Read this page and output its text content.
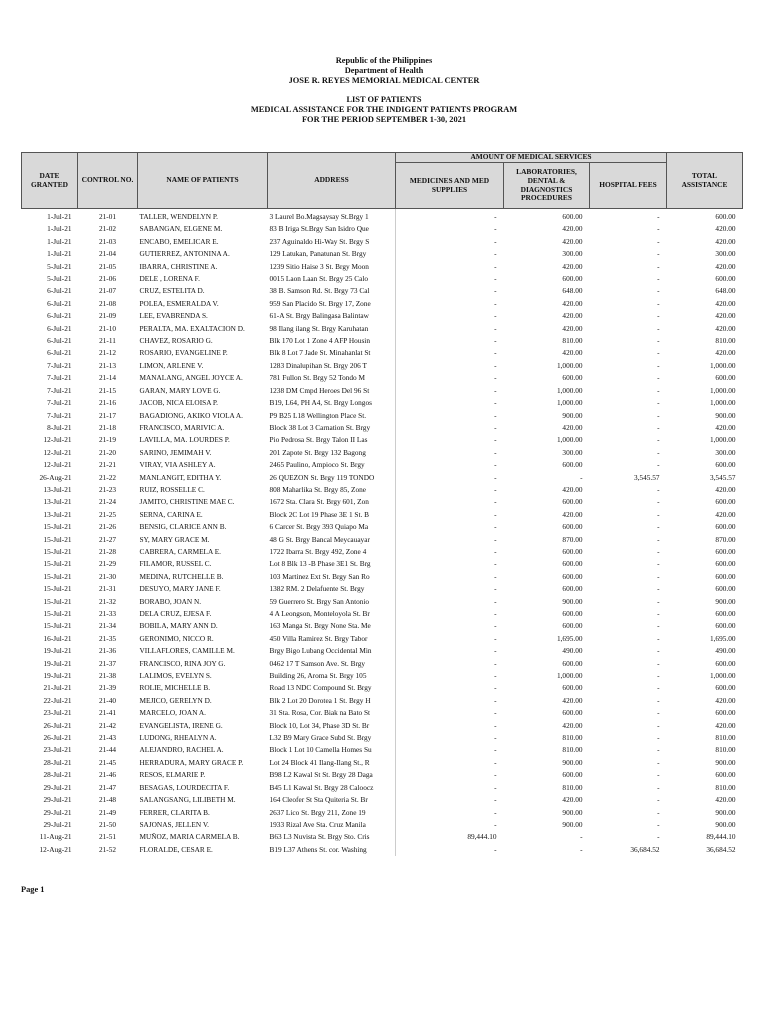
Republic of the Philippines
Department of Health
JOSE R. REYES MEMORIAL MEDICAL CENTER
LIST OF PATIENTS
MEDICAL ASSISTANCE FOR THE INDIGENT PATIENTS PROGRAM
FOR THE PERIOD SEPTEMBER 1-30, 2021
DATE GRANTED	CONTROL NO.	NAME OF PATIENTS	ADDRESS	AMOUNT OF MEDICAL SERVICES			TOTAL ASSISTANCE
				MEDICINES AND MED SUPPLIES	LABORATORIES, DENTAL & DIAGNOSTICS PROCEDURES	HOSPITAL FEES	
1-Jul-21	21-01	TALLER, WENDELYN P.	3 Laurel Bo.Magsaysay St.Brgy 1	-	600.00	-	600.00
1-Jul-21	21-02	SABANGAN, ELGENE M.	83 B Iriga St.Brgy San Isidro Que	-	420.00	-	420.00
1-Jul-21	21-03	ENCABO, EMELICAR E.	237 Aguinaldo Hi-Way St. Brgy S	-	420.00	-	420.00
1-Jul-21	21-04	GUTIERREZ, ANTONINA A.	129 Latukan, Panatunan St. Brgy	-	300.00	-	300.00
5-Jul-21	21-05	IBARRA, CHRISTINE A.	1239 Sitio Haise 3 St. Brgy Moon	-	420.00	-	420.00
5-Jul-21	21-06	DELE , LORENA F.	0015 Laon Laan St. Brgy 25 Calo	-	600.00	-	600.00
6-Jul-21	21-07	CRUZ, ESTELITA D.	38 B. Samson Rd. St. Brgy 73 Cal	-	648.00	-	648.00
6-Jul-21	21-08	POLEA, ESMERALDA V.	959 San Placido St. Brgy 17, Zone	-	420.00	-	420.00
6-Jul-21	21-09	LEE, EVABRENDA S.	61-A St. Brgy Balingasa Balintaw	-	420.00	-	420.00
6-Jul-21	21-10	PERALTA, MA. EXALTACION D.	98 Ilang ilang St. Brgy Karuhatan	-	420.00	-	420.00
6-Jul-21	21-11	CHAVEZ, ROSARIO G.	Blk 170 Lot 1 Zone 4 AFP Housin	-	810.00	-	810.00
6-Jul-21	21-12	ROSARIO, EVANGELINE P.	Blk 8 Lot 7 Jade St. Minahanlat St	-	420.00	-	420.00
7-Jul-21	21-13	LIMON, ARLENE V.	1283 Dinalupihan St. Brgy 206 T	-	1,000.00	-	1,000.00
7-Jul-21	21-14	MANALANG, ANGEL JOYCE A.	781 Fullon St. Brgy 52 Tondo M	-	600.00	-	600.00
7-Jul-21	21-15	GARAN, MARY LOVE G.	1238 DM Cmpd Heroes Del 96 St	-	1,000.00	-	1,000.00
7-Jul-21	21-16	JACOB, NICA ELOISA P.	B19, L64, PH A4, St. Brgy Longos	-	1,000.00	-	1,000.00
7-Jul-21	21-17	BAGADIONG, AKIKO VIOLA A.	P9 B25 L18 Wellington Place St.	-	900.00	-	900.00
8-Jul-21	21-18	FRANCISCO, MARIVIC A.	Block 38 Lot 3 Carnation St. Brgy	-	420.00	-	420.00
12-Jul-21	21-19	LAVILLA, MA. LOURDES P.	Pio Pedrosa St. Brgy Talon II Las	-	1,000.00	-	1,000.00
12-Jul-21	21-20	SARINO, JEMIMAH V.	201 Zapote St. Brgy 132 Bagong	-	300.00	-	300.00
12-Jul-21	21-21	VIRAY, VIA ASHLEY A.	2465 Paulino, Ampioco St. Brgy	-	600.00	-	600.00
26-Aug-21	21-22	MANLANGIT, EDITHA Y.	26 QUEZON St. Brgy 119 TONDO	-	-	3,545.57	3,545.57
13-Jul-21	21-23	RUIZ, ROSSELLE C.	808 Maharlika St. Brgy 85, Zone	-	420.00	-	420.00
13-Jul-21	21-24	JAMITO, CHRISTINE MAE C.	1672 Sta. Clara St. Brgy 601, Zon	-	600.00	-	600.00
13-Jul-21	21-25	SERNA, CARINA E.	Block 2C Lot 19 Phase 3E 1 St. B	-	420.00	-	420.00
15-Jul-21	21-26	BENSIG, CLARICE ANN B.	6 Carcer St. Brgy 393 Quiapo Ma	-	600.00	-	600.00
15-Jul-21	21-27	SY, MARY GRACE M.	48 G St. Brgy Bancal Meycauayar	-	870.00	-	870.00
15-Jul-21	21-28	CABRERA, CARMELA E.	1722 Ibarra St. Brgy 492, Zone 4	-	600.00	-	600.00
15-Jul-21	21-29	FILAMOR, RUSSEL C.	Lot 8 Blk 13 -B Phase 3E1 St. Brg	-	600.00	-	600.00
15-Jul-21	21-30	MEDINA, RUTCHELLE B.	103 Martinez Ext St. Brgy San Ro	-	600.00	-	600.00
15-Jul-21	21-31	DESUYO, MARY JANE F.	1382 RM. 2 Delafuente St. Brgy	-	600.00	-	600.00
15-Jul-21	21-32	BORABO, JOAN N.	59 Guerrero St. Brgy San Antonio	-	900.00	-	900.00
15-Jul-21	21-33	DELA CRUZ, EJESA F.	4 A Leongson, Monteloyola St. Br	-	600.00	-	600.00
15-Jul-21	21-34	BOBILA, MARY ANN D.	163 Manga St. Brgy None Sta. Me	-	600.00	-	600.00
16-Jul-21	21-35	GERONIMO, NICCO R.	450 Villa Ramirez St. Brgy Tabor	-	1,695.00	-	1,695.00
19-Jul-21	21-36	VILLAFLORES, CAMILLE M.	Brgy Bigo Lubang Occidental Min	-	490.00	-	490.00
19-Jul-21	21-37	FRANCISCO, RINA JOY G.	0462 17 T Samson Ave. St. Brgy	-	600.00	-	600.00
19-Jul-21	21-38	LALIMOS, EVELYN S.	Building 26, Aroma St. Brgy 105	-	1,000.00	-	1,000.00
21-Jul-21	21-39	ROLIE, MICHELLE B.	Road 13 NDC Compound St. Brgy	-	600.00	-	600.00
22-Jul-21	21-40	MEJICO, GERELYN D.	Blk 2 Lot 20 Dorotea 1 St. Brgy H	-	420.00	-	420.00
23-Jul-21	21-41	MARCELO, JOAN A.	31 Sta. Rosa, Cor. Biak na Bato St	-	600.00	-	600.00
26-Jul-21	21-42	EVANGELISTA, IRENE G.	Block 10, Lot 34, Phase 3D St. Br	-	420.00	-	420.00
26-Jul-21	21-43	LUDONG, RHEALYN A.	L32 B9 Mary Grace Subd St. Brgy	-	810.00	-	810.00
23-Jul-21	21-44	ALEJANDRO, RACHEL A.	Block 1 Lot 10 Camella Homes Su	-	810.00	-	810.00
28-Jul-21	21-45	HERRADURA, MARY GRACE P.	Lot 24 Block 41 Ilang-Ilang St., R	-	900.00	-	900.00
28-Jul-21	21-46	RESOS, ELMARIE P.	B98 L2 Kawal St St. Brgy 28 Daga	-	600.00	-	600.00
29-Jul-21	21-47	BESAGAS, LOURDECITA F.	B45 L1 Kawal St. Brgy 28 Caloocz	-	810.00	-	810.00
29-Jul-21	21-48	SALANGSANG, LILIBETH M.	164 Cleofer St Sta Quiteria St. Br	-	420.00	-	420.00
29-Jul-21	21-49	FERRER, CLARITA B.	2637 Lico St. Brgy 211, Zone 19	-	900.00	-	900.00
29-Jul-21	21-50	SAJONAS, JELLEN V.	1933 Rizal Ave Sta. Cruz Manila	-	900.00	-	900.00
11-Aug-21	21-51	MUÑOZ, MARIA CARMELA B.	B63 L3 Nuvista St. Brgy Sto. Cris	89,444.10	-	-	89,444.10
12-Aug-21	21-52	FLORALDE, CESAR E.	B19 L37 Athens St. cor. Washing	-	-	36,684.52	36,684.52
Page 1
